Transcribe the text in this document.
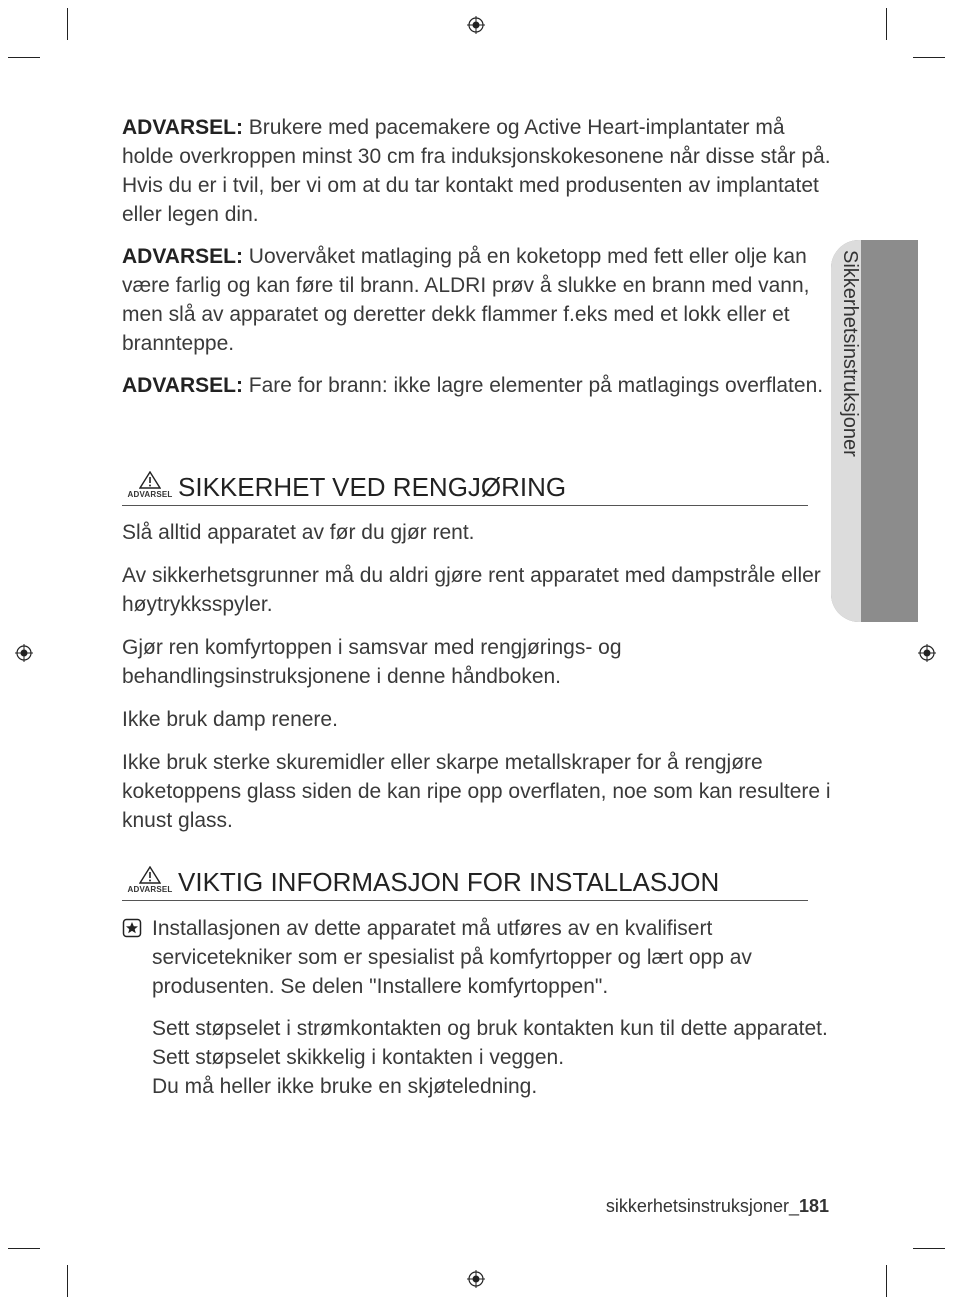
Sikkerhetsinstruksjoner
ADVARSEL: Brukere med pacemakere og Active Heart-implantater må holde overkroppen minst 30 cm fra induksjonskokesonene når disse står på. Hvis du er i tvil, ber vi om at du tar kontakt med produsenten av implantatet eller legen din.
ADVARSEL: Uovervåket matlaging på en koketopp med fett eller olje kan være farlig og kan føre til brann. ALDRI prøv å slukke en brann med vann, men slå av apparatet og deretter dekk flammer f.eks med et lokk eller et brannteppe.
ADVARSEL: Fare for brann: ikke lagre elementer på matlagings overflaten.
ADVARSEL SIKKERHET VED RENGJØRING
Slå alltid apparatet av før du gjør rent.
Av sikkerhetsgrunner må du aldri gjøre rent apparatet med dampstråle eller høytrykksspyler.
Gjør ren komfyrtoppen i samsvar med rengjørings- og behandlingsinstruksjonene i denne håndboken.
Ikke bruk damp renere.
Ikke bruk sterke skuremidler eller skarpe metallskraper for å rengjøre koketoppens glass siden de kan ripe opp overflaten, noe som kan resultere i knust glass.
ADVARSEL VIKTIG INFORMASJON FOR INSTALLASJON
Installasjonen av dette apparatet må utføres av en kvalifisert servicetekniker som er spesialist på komfyrtopper og lært opp av produsenten. Se delen "Installere komfyrtoppen".
Sett støpselet i strømkontakten og bruk kontakten kun til dette apparatet. Sett støpselet skikkelig i kontakten i veggen.
Du må heller ikke bruke en skjøteledning.
sikkerhetsinstruksjoner_181
